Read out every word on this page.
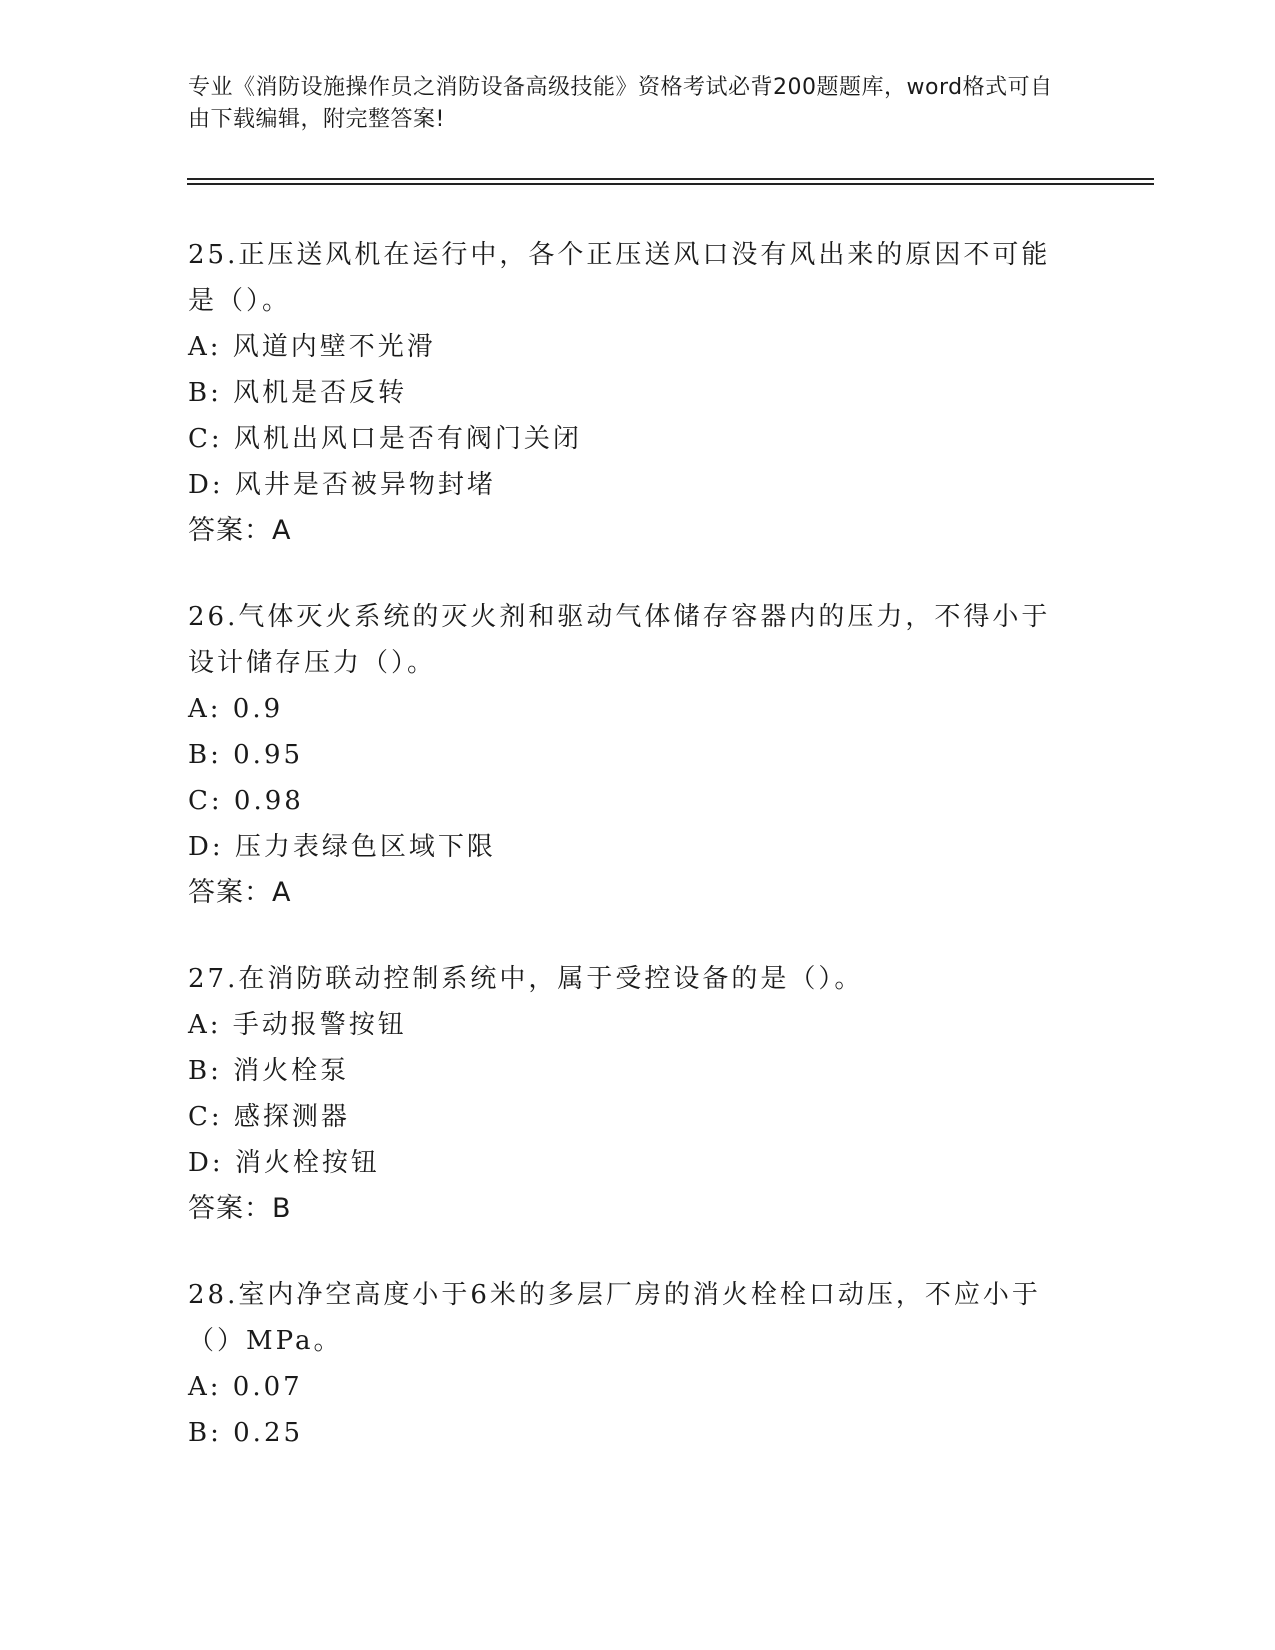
专业《消防设施操作员之消防设备高级技能》资格考试必背200题题库，word格式可自由下载编辑，附完整答案!
25.正压送风机在运行中，各个正压送风口没有风出来的原因不可能是（）。
A: 风道内壁不光滑
B: 风机是否反转
C: 风机出风口是否有阀门关闭
D: 风井是否被异物封堵
答案：A
26.气体灭火系统的灭火剂和驱动气体储存容器内的压力，不得小于设计储存压力（）。
A: 0.9
B: 0.95
C: 0.98
D: 压力表绿色区域下限
答案：A
27.在消防联动控制系统中，属于受控设备的是（）。
A: 手动报警按钮
B: 消火栓泵
C: 感探测器
D: 消火栓按钮
答案：B
28.室内净空高度小于6米的多层厂房的消火栓栓口动压，不应小于（）MPa。
A: 0.07
B: 0.25
